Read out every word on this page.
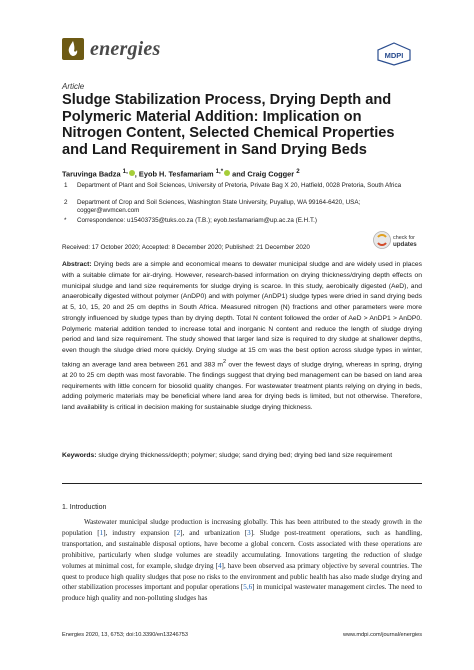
energies	MDPI
Article
Sludge Stabilization Process, Drying Depth and Polymeric Material Addition: Implication on Nitrogen Content, Selected Chemical Properties and Land Requirement in Sand Drying Beds
Taruvinga Badza $^{1,}$ , Eyob H. Tesfamariam $^{1,*}$ and Craig Cogger $^2$
1 Department of Plant and Soil Sciences, University of Pretoria, Private Bag X 20, Hatfield, 0028 Pretoria, South Africa
2 Department of Crop and Soil Sciences, Washington State University, Puyallup, WA 99164-6420, USA; cogger@wvmcen.com
* Correspondence: u15403735@tuks.co.za (T.B.); eyob.tesfamariam@up.ac.za (E.H.T.)
Received: 17 October 2020; Accepted: 8 December 2020; Published: 21 December 2020
check for
updates
Abstract: Drying beds are a simple and economical means to dewater municipal sludge and are widely used in places with a suitable climate for air-drying. However, research-based information on drying thickness/drying depth effects on municipal sludge and land size requirements for sludge drying is scarce. In this study, aerobically digested (AeD), and anaerobically digested without polymer (AnDP0) and with polymer (AnDP1) sludge types were dried in sand drying beds at 5, 10, 15, 20 and 25 cm depths in South Africa. Measured nitrogen (N) fractions and other parameters were more strongly influenced by sludge types than by drying depth. Total N content followed the order of AeD > AnDP1 > AnDP0. Polymeric material addition tended to increase total and inorganic N content and reduce the length of sludge drying period and land size requirement. The study showed that larger land size is required to dry sludge at shallower depths, even though the sludge dried more quickly. Drying sludge at 15 cm was the best option across sludge types in winter, taking an average land area between 261 and 383 $m^2$ over the fewest days of sludge drying, whereas in spring, drying at 20 to 25 cm depth was most favorable. The findings suggest that drying bed management can be based on land area requirements with little concern for biosolid quality changes. For wastewater treatment plants relying on drying in beds, adding polymeric materials may be beneficial where land area for drying beds is limited, but not otherwise. Therefore, land availability is critical in decision making for sustainable sludge drying thickness.
Keywords: sludge drying thickness/depth; polymer; sludge; sand drying bed; drying bed land size requirement
1. Introduction
Wastewater municipal sludge production is increasing globally. This has been attributed to the steady growth in the population [1], industry expansion [2], and urbanization [3]. Sludge post-treatment operations, such as handling, transportation, and sustainable disposal options, have become a global concern. Costs associated with these operations are prohibitive, particularly when sludge volumes are steadily accumulating. Innovations targeting the reduction of sludge volumes at minimal cost, for example, sludge drying [4], have been observed asa primary objective by several countries. The quest to produce high quality sludges that pose no risks to the environment and public health has also made sludge drying and other stabilization processes important and popular operations [5,6] in municipal wastewater management circles. The need to produce high quality and non-polluting sludges has
Energies 2020, 13, 6753; doi:10.3390/en13246753	www.mdpi.com/journal/energies
